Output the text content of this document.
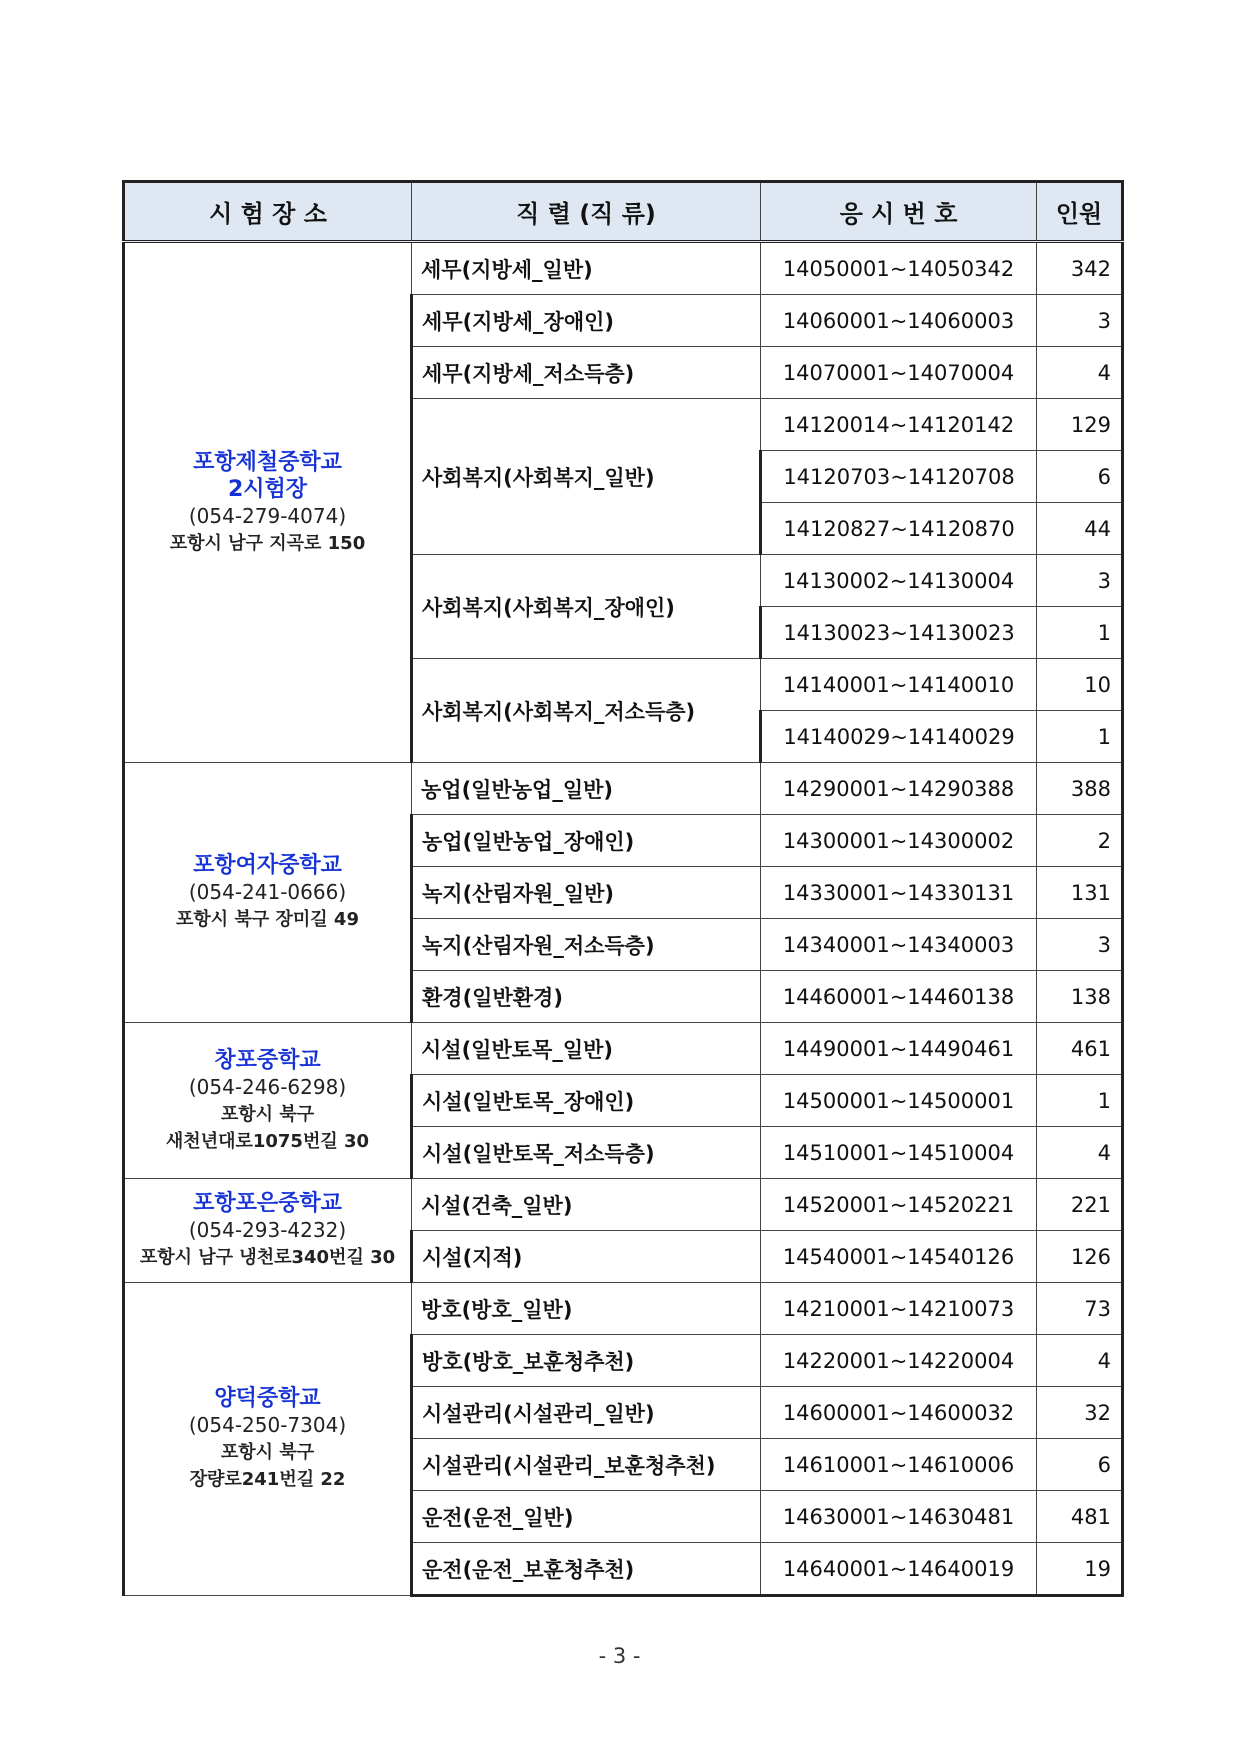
시 험 장 소	직 렬 (직 류)	응 시 번 호	인원

포항제철중학교
2시험장
(054-279-4074)
포항시 남구 지곡로 150	세무(지방세_일반)	14050001~14050342	342
	세무(지방세_장애인)	14060001~14060003	3
	세무(지방세_저소득층)	14070001~14070004	4
	사회복지(사회복지_일반)	14120014~14120142	129
		14120703~14120708	6
		14120827~14120870	44
	사회복지(사회복지_장애인)	14130002~14130004	3
		14130023~14130023	1
	사회복지(사회복지_저소득층)	14140001~14140010	10
		14140029~14140029	1

포항여자중학교
(054-241-0666)
포항시 북구 장미길 49	농업(일반농업_일반)	14290001~14290388	388
	농업(일반농업_장애인)	14300001~14300002	2
	녹지(산림자원_일반)	14330001~14330131	131
	녹지(산림자원_저소득층)	14340001~14340003	3
	환경(일반환경)	14460001~14460138	138

창포중학교
(054-246-6298)
포항시 북구
새천년대로1075번길 30	시설(일반토목_일반)	14490001~14490461	461
	시설(일반토목_장애인)	14500001~14500001	1
	시설(일반토목_저소득층)	14510001~14510004	4

포항포은중학교
(054-293-4232)
포항시 남구 냉천로340번길 30	시설(건축_일반)	14520001~14520221	221
	시설(지적)	14540001~14540126	126

양덕중학교
(054-250-7304)
포항시 북구
장량로241번길 22	방호(방호_일반)	14210001~14210073	73
	방호(방호_보훈청추천)	14220001~14220004	4
	시설관리(시설관리_일반)	14600001~14600032	32
	시설관리(시설관리_보훈청추천)	14610001~14610006	6
	운전(운전_일반)	14630001~14630481	481
	운전(운전_보훈청추천)	14640001~14640019	19
- 3 -
